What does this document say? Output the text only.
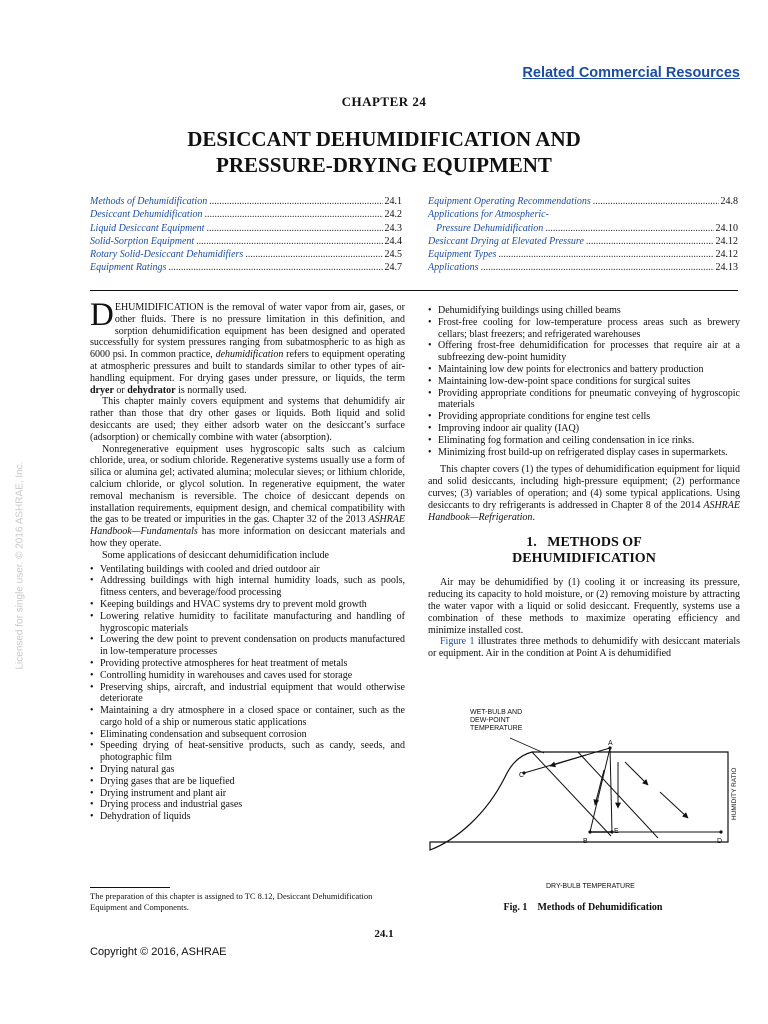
Related Commercial Resources
CHAPTER 24
DESICCANT DEHUMIDIFICATION AND
PRESSURE-DRYING EQUIPMENT
Methods of Dehumidification .....	24.1
Desiccant Dehumidification .....	24.2
Liquid Desiccant Equipment .....	24.3
Solid-Sorption Equipment .....	24.4
Rotary Solid-Desiccant Dehumidifiers .....	24.5
Equipment Ratings .....	24.7
Equipment Operating Recommendations .....	24.8
Applications for Atmospheric-
Pressure Dehumidification .....	24.10
Desiccant Drying at Elevated Pressure .....	24.12
Equipment Types .....	24.12
Applications .....	24.13

DEHUMIDIFICATION is the removal of water vapor from air, gases, or other fluids. There is no pressure limitation in this definition, and sorption dehumidification equipment has been designed and operated successfully for system pressures ranging from subatmospheric to as high as 6000 psi. In common practice, dehumidification refers to equipment operating at atmospheric pressures and built to standards similar to other types of air-handling equipment. For drying gases under pressure, or liquids, the term dryer or dehydrator is normally used.

This chapter mainly covers equipment and systems that dehumidify air rather than those that dry other gases or liquids. Both liquid and solid desiccants are used; they either adsorb water on the desiccant’s surface (adsorption) or chemically combine with water (absorption).

Nonregenerative equipment uses hygroscopic salts such as calcium chloride, urea, or sodium chloride. Regenerative systems usually use a form of silica or alumina gel; activated alumina; molecular sieves; or lithium chloride, calcium chloride, or glycol solution. In regenerative equipment, the water removal mechanism is reversible. The choice of desiccant depends on installation requirements, equipment design, and chemical compatibility with the gas to be treated or impurities in the gas. Chapter 32 of the 2013 ASHRAE Handbook—Fundamentals has more information on desiccant materials and how they operate.

Some applications of desiccant dehumidification include

• Ventilating buildings with cooled and dried outdoor air
• Addressing buildings with high internal humidity loads, such as pools, fitness centers, and beverage/food processing
• Keeping buildings and HVAC systems dry to prevent mold growth
• Lowering relative humidity to facilitate manufacturing and handling of hygroscopic materials
• Lowering the dew point to prevent condensation on products manufactured in low-temperature processes
• Providing protective atmospheres for heat treatment of metals
• Controlling humidity in warehouses and caves used for storage
• Preserving ships, aircraft, and industrial equipment that would otherwise deteriorate
• Maintaining a dry atmosphere in a closed space or container, such as the cargo hold of a ship or numerous static applications
• Eliminating condensation and subsequent corrosion
• Speeding drying of heat-sensitive products, such as candy, seeds, and photographic film
• Drying natural gas
• Drying gases that are be liquefied
• Drying instrument and plant air
• Drying process and industrial gases
• Dehydration of liquids
• Dehumidifying buildings using chilled beams
• Frost-free cooling for low-temperature process areas such as brewery cellars; blast freezers; and refrigerated warehouses
• Offering frost-free dehumidification for processes that require air at a subfreezing dew-point humidity
• Maintaining low dew points for electronics and battery production
• Maintaining low-dew-point space conditions for surgical suites
• Providing appropriate conditions for pneumatic conveying of hygroscopic materials
• Providing appropriate conditions for engine test cells
• Improving indoor air quality (IAQ)
• Eliminating fog formation and ceiling condensation in ice rinks.
• Minimizing frost build-up on refrigerated display cases in supermarkets.

This chapter covers (1) the types of dehumidification equipment for liquid and solid desiccants, including high-pressure equipment; (2) performance curves; (3) variables of operation; and (4) some typical applications. Using desiccants to dry refrigerants is addressed in Chapter 8 of the 2014 ASHRAE Handbook—Refrigeration.

1. METHODS OF
DEHUMIDIFICATION

Air may be dehumidified by (1) cooling it or increasing its pressure, reducing its capacity to hold moisture, or (2) removing moisture by attracting the water vapor with a liquid or solid desiccant. Frequently, systems use a combination of these methods to maximize operating efficiency and minimize installed cost.

Figure 1 illustrates three methods to dehumidify with desiccant materials or equipment. Air in the condition at Point A is dehumidified

WET-BULB AND
DEW-POINT
TEMPERATURE
A
C
B	D
E
HUMIDITY RATIO
DRY-BULB TEMPERATURE
Fig. 1 Methods of Dehumidification
The preparation of this chapter is assigned to TC 8.12, Desiccant Dehumidification Equipment and Components.
24.1
Copyright © 2016, ASHRAE
Licensed for single user. © 2016 ASHRAE, Inc.
